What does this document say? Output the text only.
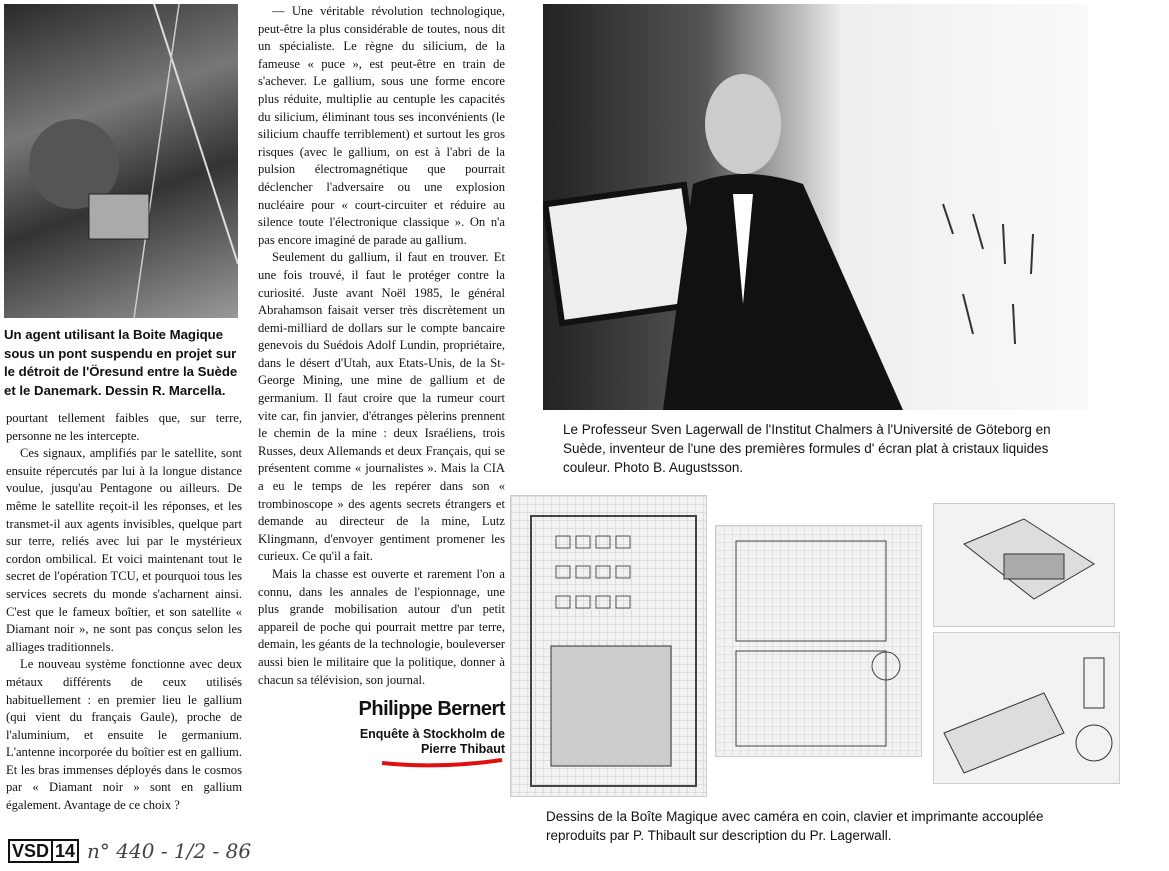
Un agent utilisant la Boite Magique sous un pont suspendu en projet sur le détroit de l'Öresund entre la Suède et le Danemark. Dessin R. Marcella.

pourtant tellement faibles que, sur terre, personne ne les intercepte.

Ces signaux, amplifiés par le satellite, sont ensuite répercutés par lui à la longue distance voulue, jusqu'au Pentagone ou ailleurs. De même le satellite reçoit-il les réponses, et les transmet-il aux agents invisibles, quelque part sur terre, reliés avec lui par le mystérieux cordon ombilical. Et voici maintenant tout le secret de l'opération TCU, et pourquoi tous les services secrets du monde s'acharnent ainsi. C'est que le fameux boîtier, et son satellite « Diamant noir », ne sont pas conçus selon les alliages traditionnels.

Le nouveau système fonctionne avec deux métaux différents de ceux utilisés habituellement : en premier lieu le gallium (qui vient du français Gaule), proche de l'aluminium, et ensuite le germanium. L'antenne incorporée du boîtier est en gallium. Et les bras immenses déployés dans le cosmos par « Diamant noir » sont en gallium également. Avantage de ce choix ?

VSD 14 n° 440 - 1/2 - 86

— Une véritable révolution technologique, peut-être la plus considérable de toutes, nous dit un spécialiste. Le règne du silicium, de la fameuse « puce », est peut-être en train de s'achever. Le gallium, sous une forme encore plus réduite, multiplie au centuple les capacités du silicium, éliminant tous ses inconvénients (le silicium chauffe terriblement) et surtout les gros risques (avec le gallium, on est à l'abri de la pulsion électromagnétique que pourrait déclencher l'adversaire ou une explosion nucléaire pour « court-circuiter et réduire au silence toute l'électronique classique ». On n'a pas encore imaginé de parade au gallium.

Seulement du gallium, il faut en trouver. Et une fois trouvé, il faut le protéger contre la curiosité. Juste avant Noël 1985, le général Abrahamson faisait verser très discrètement un demi-milliard de dollars sur le compte bancaire genevois du Suédois Adolf Lundin, propriétaire, dans le désert d'Utah, aux Etats-Unis, de la St-George Mining, une mine de gallium et de germanium. Il faut croire que la rumeur court vite car, fin janvier, d'étranges pèlerins prennent le chemin de la mine : deux Israéliens, trois Russes, deux Allemands et deux Français, qui se présentent comme « journalistes ». Mais la CIA a eu le temps de les repérer dans son « trombinoscope » des agents secrets étrangers et demande au directeur de la mine, Lutz Klingmann, d'envoyer gentiment promener les curieux. Ce qu'il a fait.

Mais la chasse est ouverte et rarement l'on a connu, dans les annales de l'espionnage, une plus grande mobilisation autour d'un petit appareil de poche qui pourrait mettre par terre, demain, les géants de la technologie, bouleverser aussi bien le militaire que la politique, donner à chacun sa télévision, son journal.

Philippe Bernert
Enquête à Stockholm de
Pierre Thibaut
Le Professeur Sven Lagerwall de l'Institut Chalmers à l'Université de Göteborg en Suède, inventeur de l'une des premières formules d' écran plat à cristaux liquides couleur. Photo B. Augustsson.
Dessins de la Boîte Magique avec caméra en coin, clavier et imprimante accouplée reproduits par P. Thibault sur description du Pr. Lagerwall.
